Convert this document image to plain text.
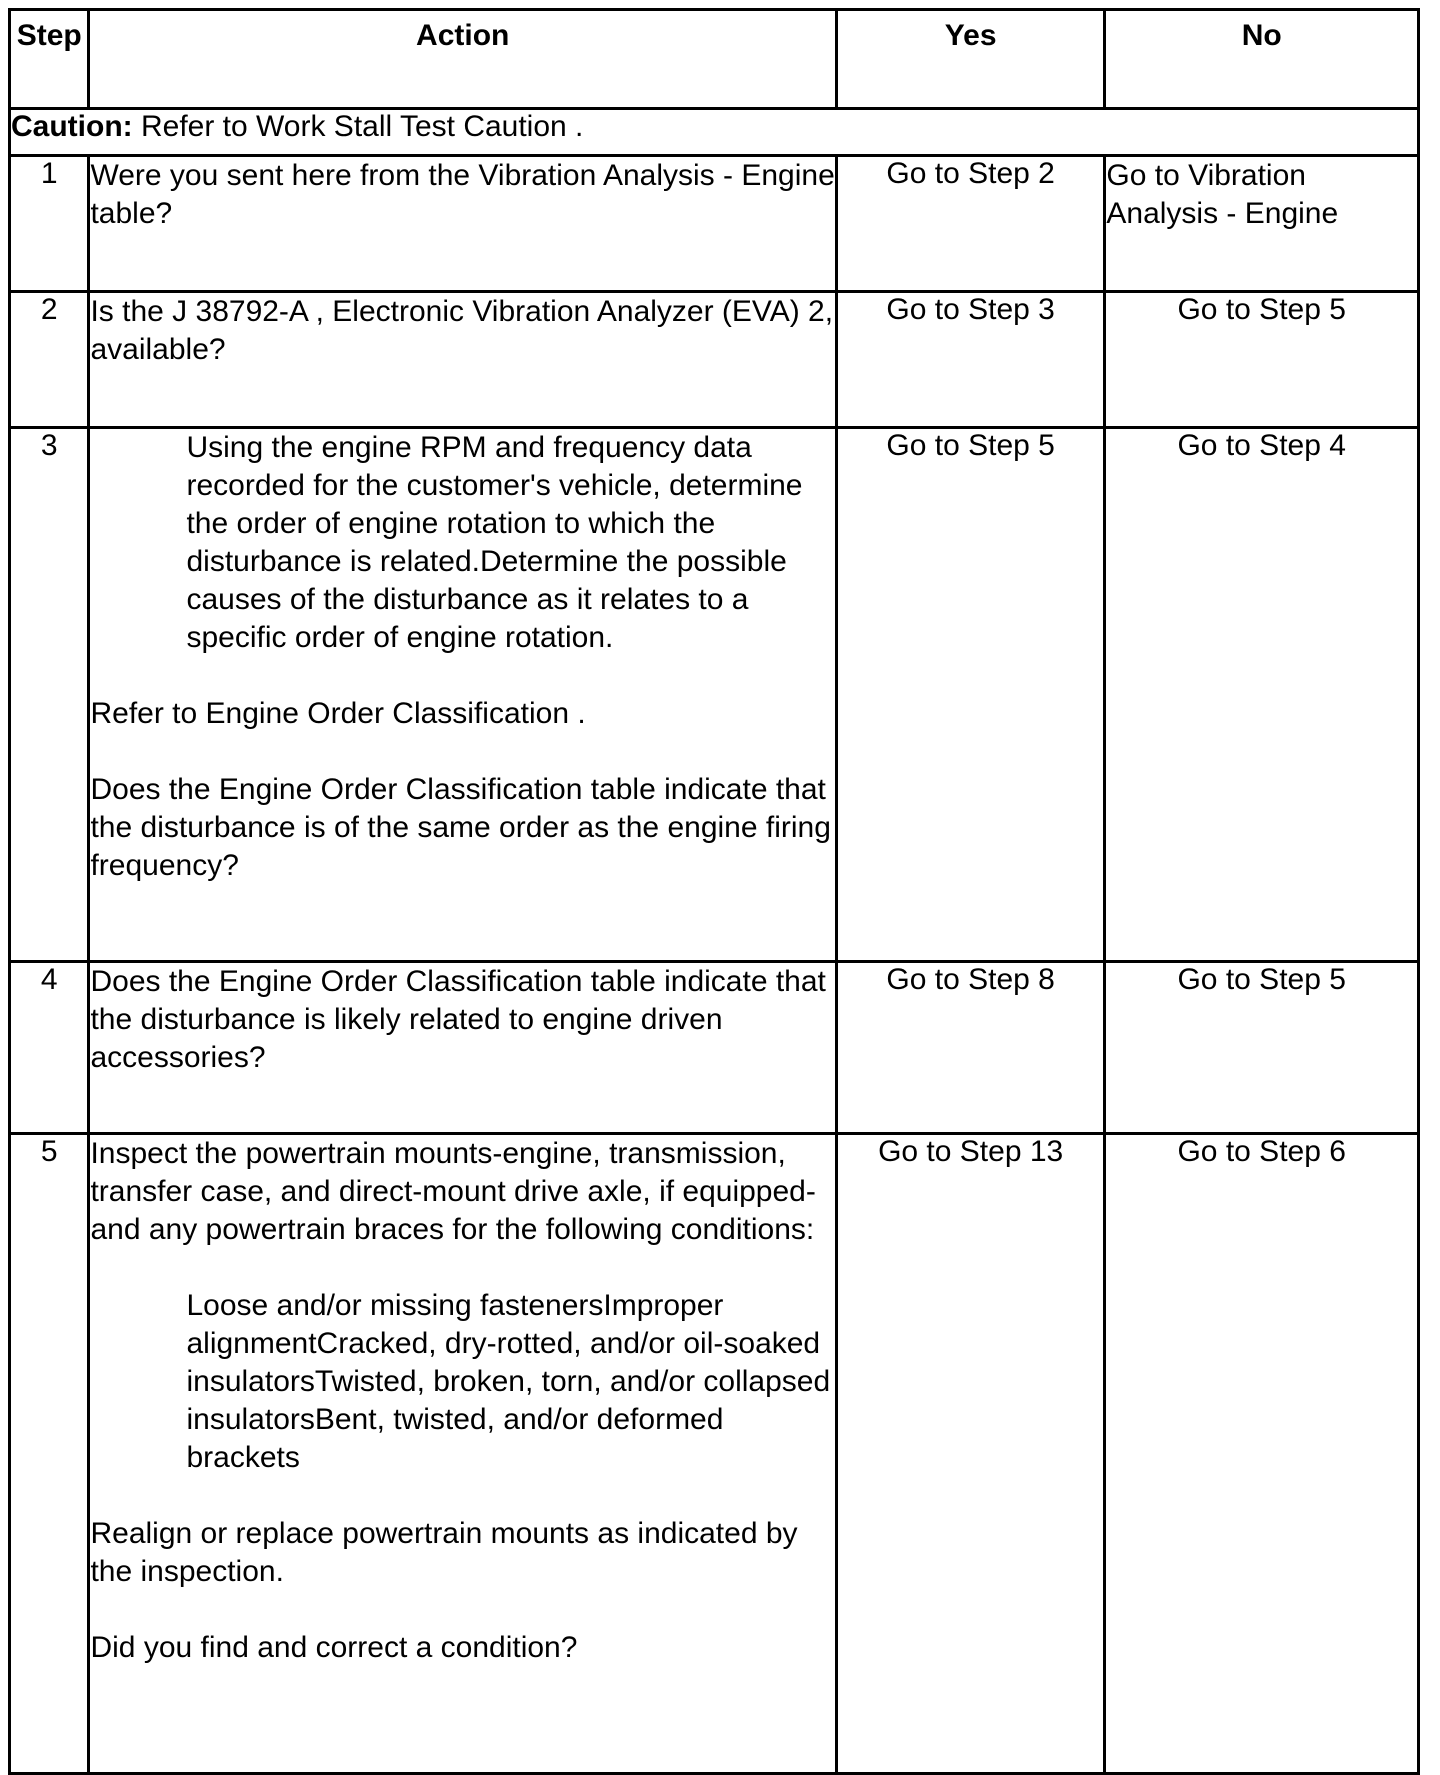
Step	Action	Yes	No
Caution: Refer to Work Stall Test Caution .			
1	Were you sent here from the Vibration Analysis - Engine table?	Go to Step 2	Go to Vibration Analysis - Engine
2	Is the J 38792-A , Electronic Vibration Analyzer (EVA) 2, available?	Go to Step 3	Go to Step 5
3	Using the engine RPM and frequency data recorded for the customer's vehicle, determine the order of engine rotation to which the disturbance is related.Determine the possible causes of the disturbance as it relates to a specific order of engine rotation.
Refer to Engine Order Classification .
Does the Engine Order Classification table indicate that the disturbance is of the same order as the engine firing frequency?	Go to Step 5	Go to Step 4
4	Does the Engine Order Classification table indicate that the disturbance is likely related to engine driven accessories?	Go to Step 8	Go to Step 5
5	Inspect the powertrain mounts-engine, transmission, transfer case, and direct-mount drive axle, if equipped-and any powertrain braces for the following conditions:
Loose and/or missing fastenersImproper alignmentCracked, dry-rotted, and/or oil-soaked insulatorsTwisted, broken, torn, and/or collapsed insulatorsBent, twisted, and/or deformed brackets
Realign or replace powertrain mounts as indicated by the inspection.
Did you find and correct a condition?	Go to Step 13	Go to Step 6
